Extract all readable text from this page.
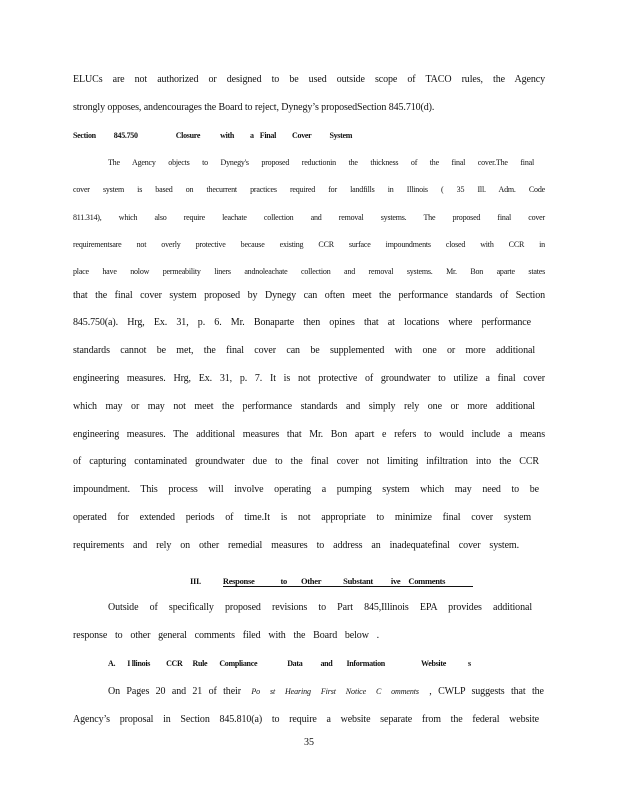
ELUCs are not authorized or designed to be used outside scope of TACO rules, the Agency
strongly opposes, andencourages the Board to reject, Dynegy’s proposedSection 845.710(d).
Section 845.750	Closure	with a Final Cover System
The Agency objects to Dynegy's proposed reductionin the thickness of the final cover.The final
cover system is based on thecurrent practices required for landfills in Illinois ( 35 Ill. Adm. Code
811.314), which also require leachate collection and removal systems. The proposed final cover
requirementsare not overly protective because existing CCR surface impoundments closed with CCR in
place have nolow permeability liners andnoleachate collection and removal systems. Mr. Bon aparte states
that the final cover system proposed by Dynegy can often meet the performance standards of Section
845.750(a). Hrg, Ex. 31, p. 6. Mr. Bonaparte then opines that at locations where performance
standards cannot be met, the final cover can be supplemented with one or more additional
engineering measures. Hrg, Ex. 31, p. 7. It is not protective of groundwater to utilize a final cover
which may or may not meet the performance standards and simply rely one or more additional
engineering measures. The additional measures that Mr. Bon apart e refers to would include a means
of capturing contaminated groundwater due to the final cover not limiting infiltration into the CCR
impoundment. This process will involve operating a pumping system which may need to be
operated for extended periods of time.It is not appropriate to minimize final cover system
requirements and rely on other remedial measures to address an inadequatefinal cover system.
III.	Response	to Other	Substant ive Comments
Outside of specifically proposed revisions to Part 845,Illinois EPA provides additional
response to other general comments filed with the Board below .
A. I llinois CCR Rule Compliance	Data and Information	Website	s
On Pages 20 and 21 of their Po st Hearing First Notice C omments , CWLP suggests that the
Agency’s proposal in Section 845.810(a) to require a website separate from the federal website
35
